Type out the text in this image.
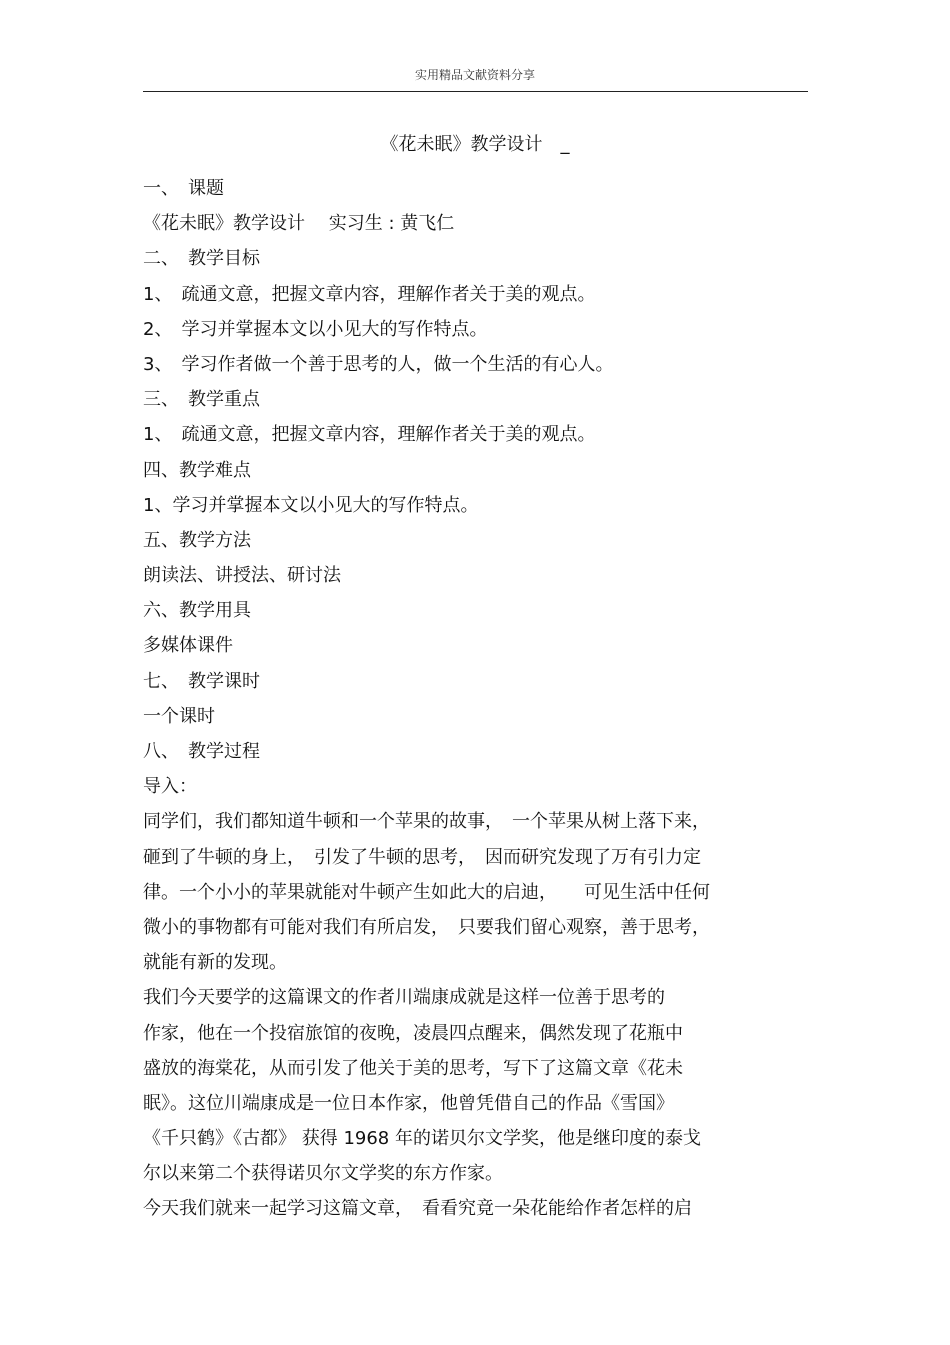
实用精品文献资料分享
《花未眠》教学设计　_
一、　课题
《花未眠》教学设计　 实习生 : 黄飞仁
二、　教学目标
1、　疏通文意，把握文章内容，理解作者关于美的观点。
2、　学习并掌握本文以小见大的写作特点。
3、　学习作者做一个善于思考的人，做一个生活的有心人。
三、　教学重点
1、　疏通文意，把握文章内容，理解作者关于美的观点。
四、教学难点
1、学习并掌握本文以小见大的写作特点。
五、教学方法
朗读法、讲授法、研讨法
六、教学用具
多媒体课件
七、　教学课时
一个课时
八、　教学过程
导入：
同学们，我们都知道牛顿和一个苹果的故事，　一个苹果从树上落下来，
砸到了牛顿的身上，　引发了牛顿的思考，　因而研究发现了万有引力定
律。一个小小的苹果就能对牛顿产生如此大的启迪，　　可见生活中任何
微小的事物都有可能对我们有所启发，　只要我们留心观察，善于思考，
就能有新的发现。
我们今天要学的这篇课文的作者川端康成就是这样一位善于思考的
作家，他在一个投宿旅馆的夜晚，凌晨四点醒来，偶然发现了花瓶中
盛放的海棠花，从而引发了他关于美的思考，写下了这篇文章《花未
眠》。这位川端康成是一位日本作家，他曾凭借自己的作品《雪国》
《千只鹤》《古都》 获得 1968 年的诺贝尔文学奖，他是继印度的泰戈
尔以来第二个获得诺贝尔文学奖的东方作家。
今天我们就来一起学习这篇文章，　看看究竟一朵花能给作者怎样的启
